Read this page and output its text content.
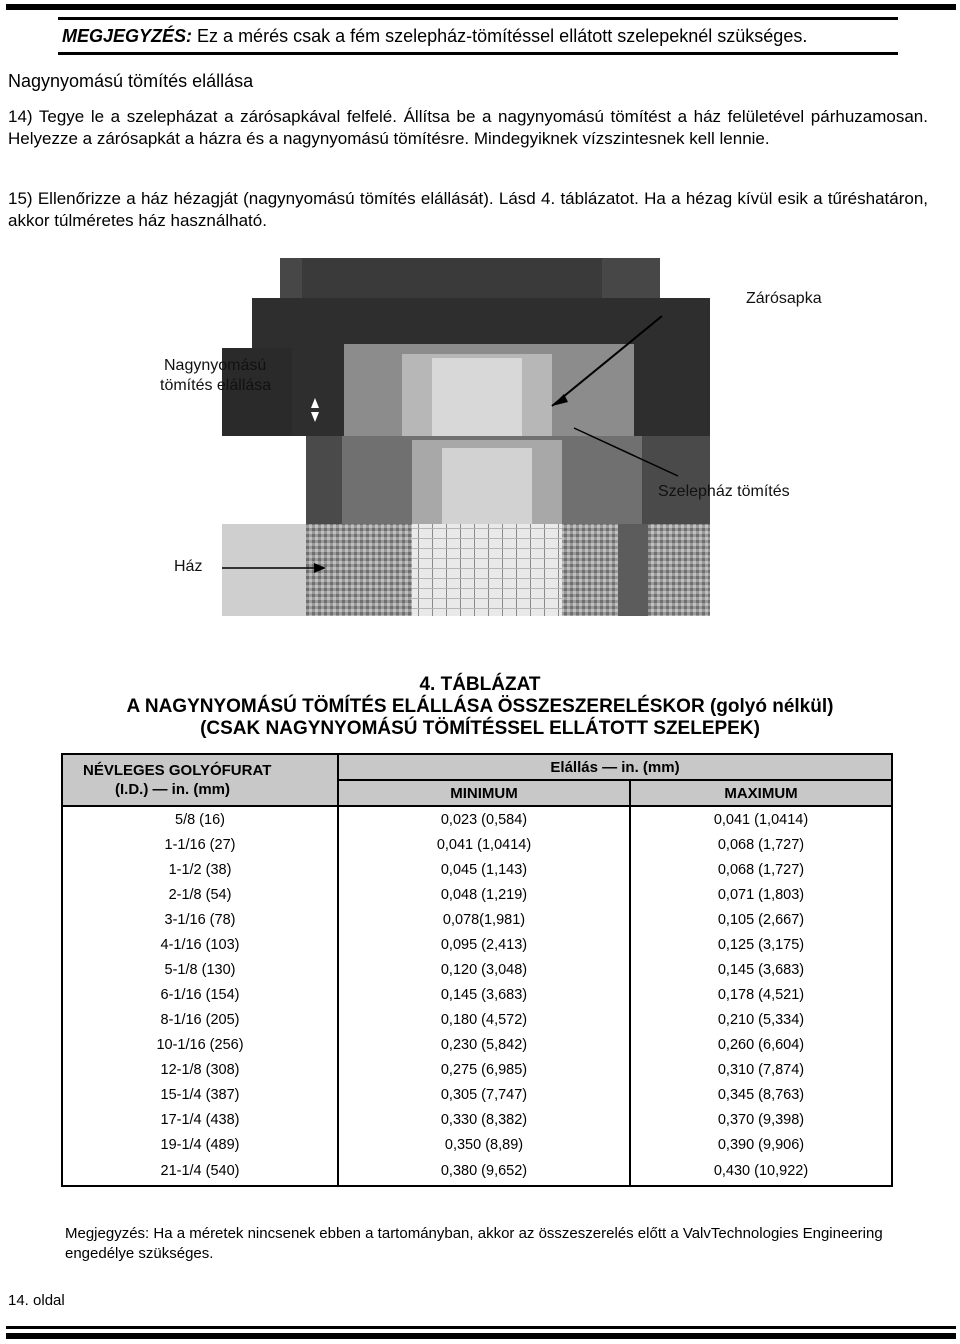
MEGJEGYZÉS: Ez a mérés csak a fém szelepház-tömítéssel ellátott szelepeknél szükséges.
Nagynyomású tömítés elállása
14) Tegye le a szelepházat a zárósapkával felfelé. Állítsa be a nagynyomású tömítést a ház felületével párhuzamosan. Helyezze a zárósapkát a házra és a nagynyomású tömítésre. Mindegyiknek vízszintesnek kell lennie.
15) Ellenőrizze a ház hézagját (nagynyomású tömítés elállását). Lásd 4. táblázatot. Ha a hézag kívül esik a tűréshatáron, akkor túlméretes ház használható.
Zárósapka
Nagynyomású
tömítés elállása
Szelepház tömítés
Ház
4. TÁBLÁZAT
A NAGYNYOMÁSÚ TÖMÍTÉS ELÁLLÁSA ÖSSZESZERELÉSKOR (golyó nélkül)
(CSAK NAGYNYOMÁSÚ TÖMÍTÉSSEL ELLÁTOTT SZELEPEK)
NÉVLEGES GOLYÓFURAT
(I.D.) — in. (mm)	Elállás — in. (mm)	
	MINIMUM	MAXIMUM
5/8 (16)	0,023 (0,584)	0,041 (1,0414)
1-1/16 (27)	0,041 (1,0414)	0,068 (1,727)
1-1/2 (38)	0,045 (1,143)	0,068 (1,727)
2-1/8 (54)	0,048 (1,219)	0,071 (1,803)
3-1/16 (78)	0,078(1,981)	0,105 (2,667)
4-1/16 (103)	0,095 (2,413)	0,125 (3,175)
5-1/8 (130)	0,120 (3,048)	0,145 (3,683)
6-1/16 (154)	0,145 (3,683)	0,178 (4,521)
8-1/16 (205)	0,180 (4,572)	0,210 (5,334)
10-1/16 (256)	0,230 (5,842)	0,260 (6,604)
12-1/8 (308)	0,275 (6,985)	0,310 (7,874)
15-1/4 (387)	0,305 (7,747)	0,345 (8,763)
17-1/4 (438)	0,330 (8,382)	0,370 (9,398)
19-1/4 (489)	0,350 (8,89)	0,390 (9,906)
21-1/4 (540)	0,380 (9,652)	0,430 (10,922)
Megjegyzés: Ha a méretek nincsenek ebben a tartományban, akkor az összeszerelés előtt a ValvTechnologies Engineering engedélye szükséges.
14. oldal
